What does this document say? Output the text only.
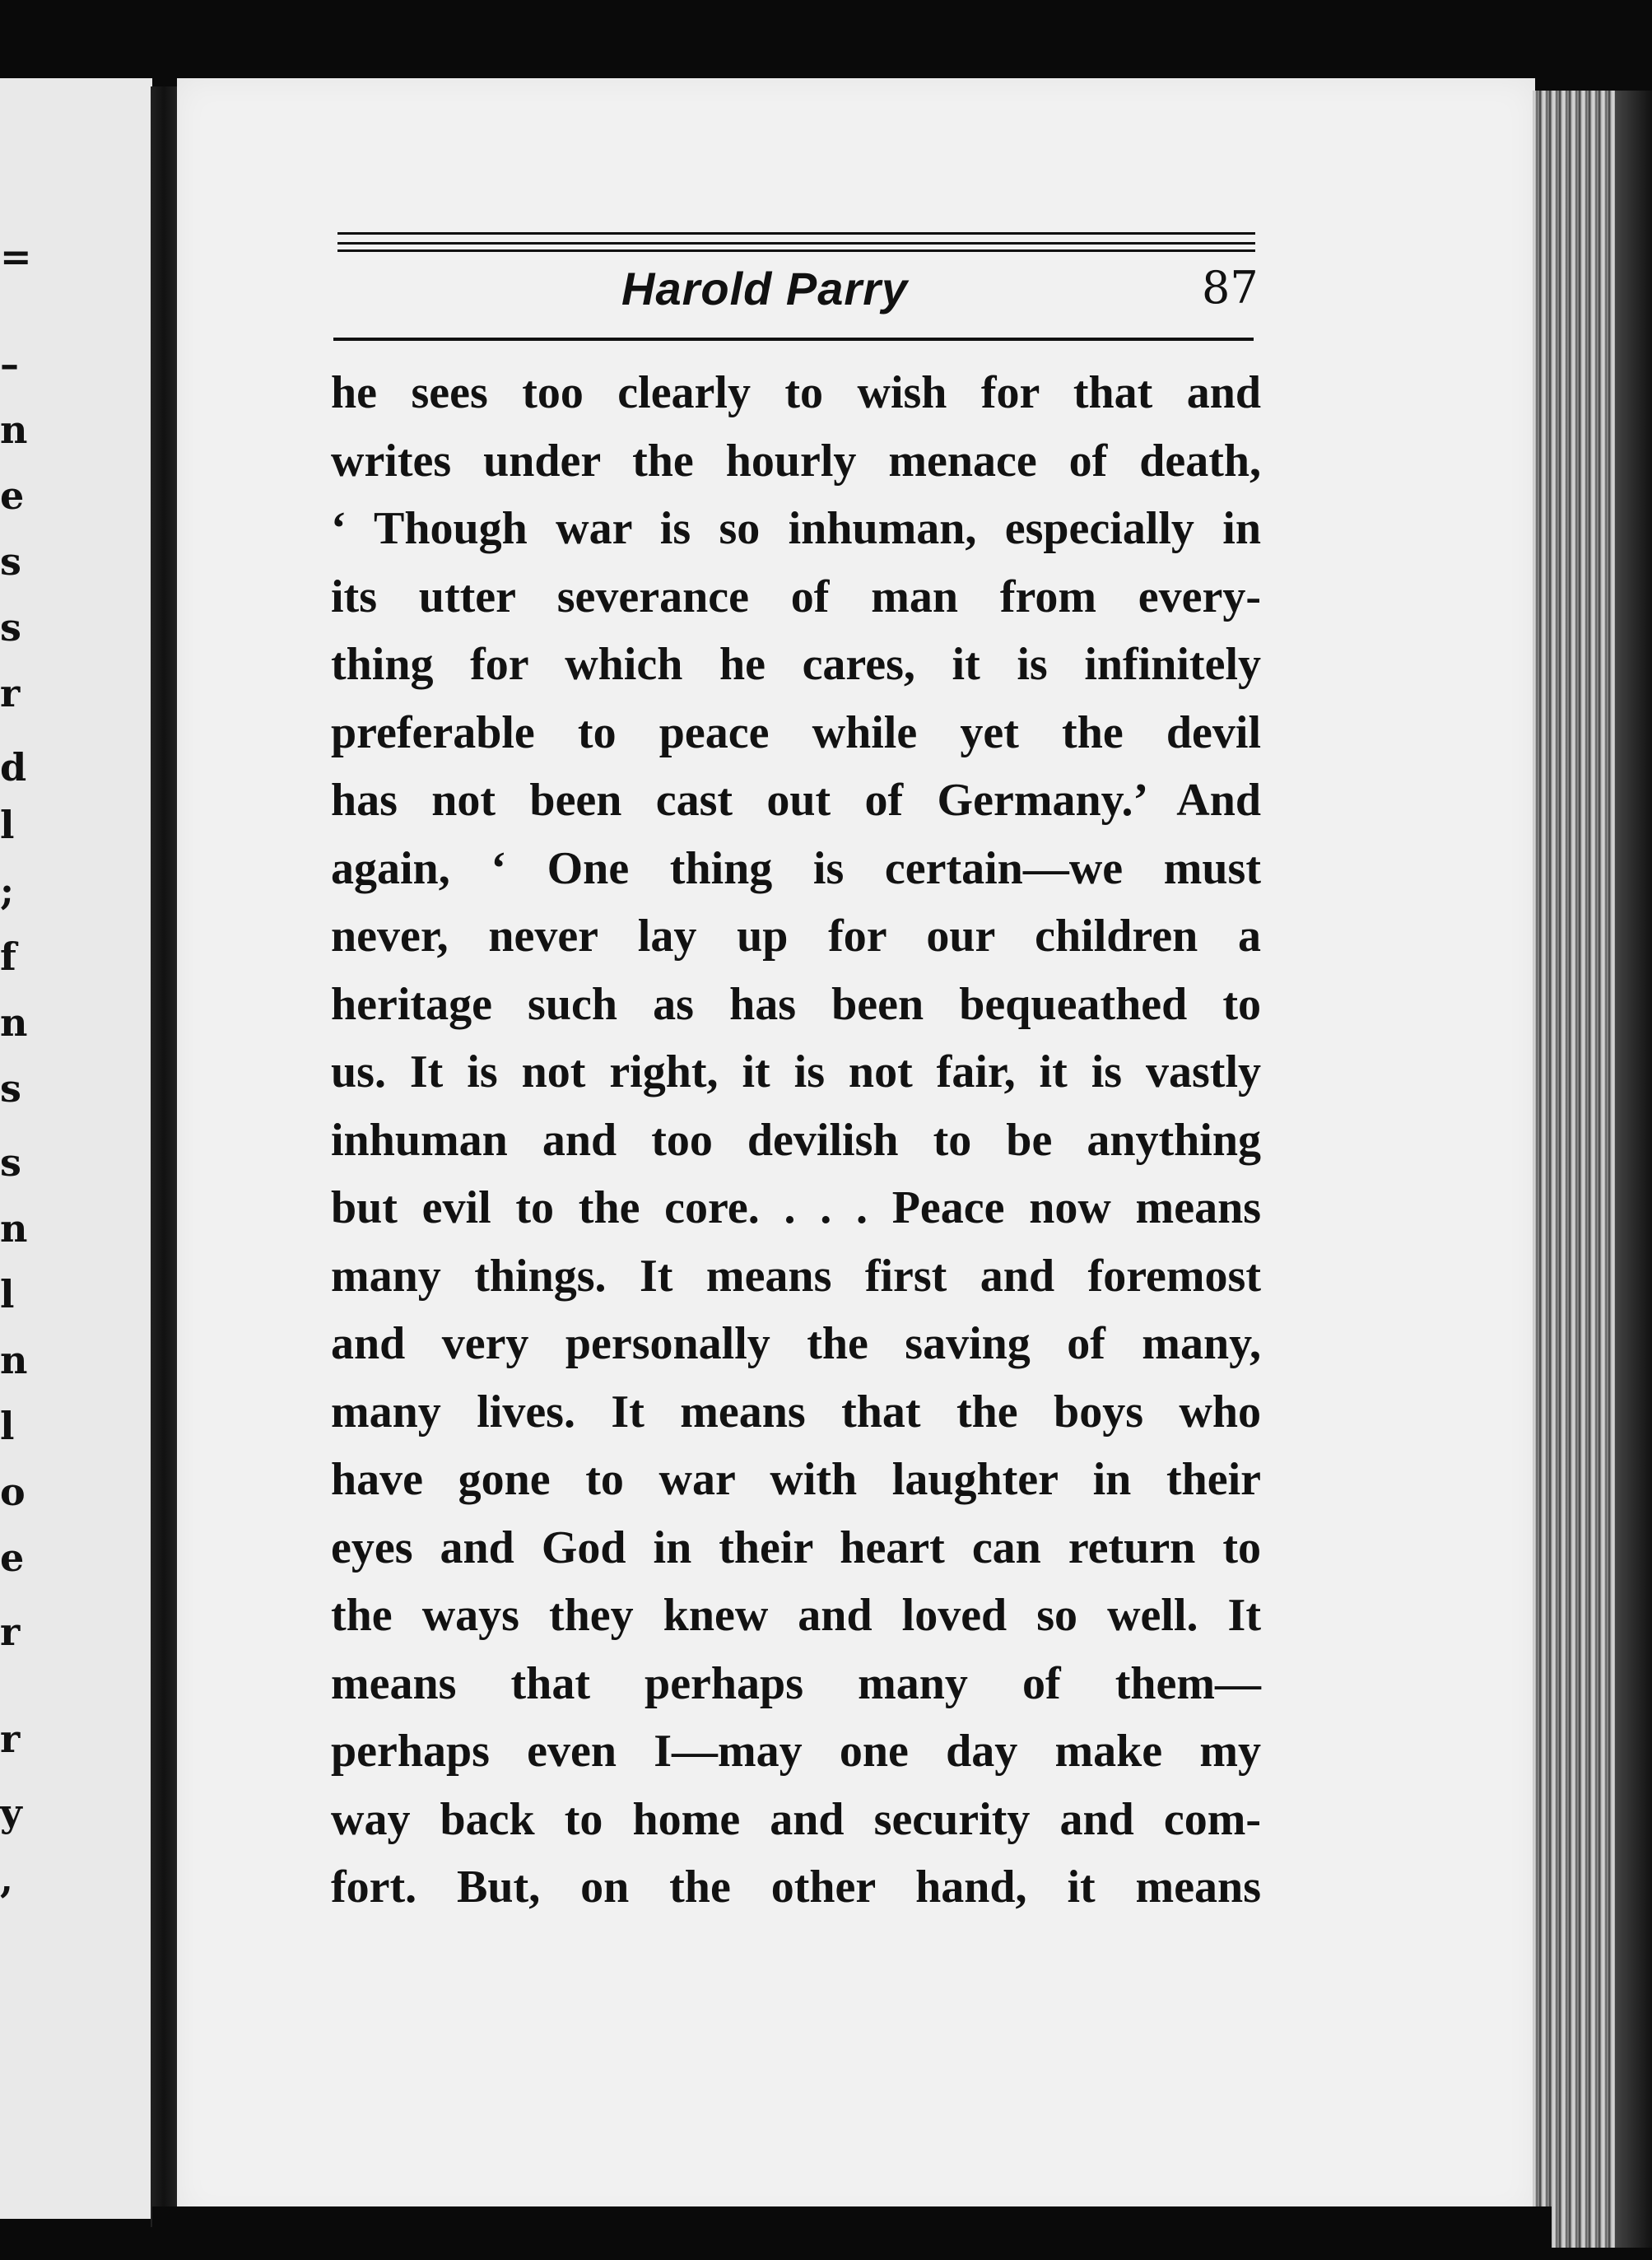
=
–
n
e
s
s
r
d
l
;
f
n
s
s
n
l
n
l
o
e
r
r
y
,
Harold Parry	87
he sees too clearly to wish for that and
writes under the hourly menace of death,
‘ Though war is so inhuman, especially in
its utter severance of man from every-
thing for which he cares, it is infinitely
preferable to peace while yet the devil
has not been cast out of Germany.’ And
again, ‘ One thing is certain—we must
never, never lay up for our children a
heritage such as has been bequeathed to
us. It is not right, it is not fair, it is vastly
inhuman and too devilish to be anything
but evil to the core. . . . Peace now means
many things. It means first and foremost
and very personally the saving of many,
many lives. It means that the boys who
have gone to war with laughter in their
eyes and God in their heart can return to
the ways they knew and loved so well. It
means that perhaps many of them—
perhaps even I—may one day make my
way back to home and security and com-
fort. But, on the other hand, it means
